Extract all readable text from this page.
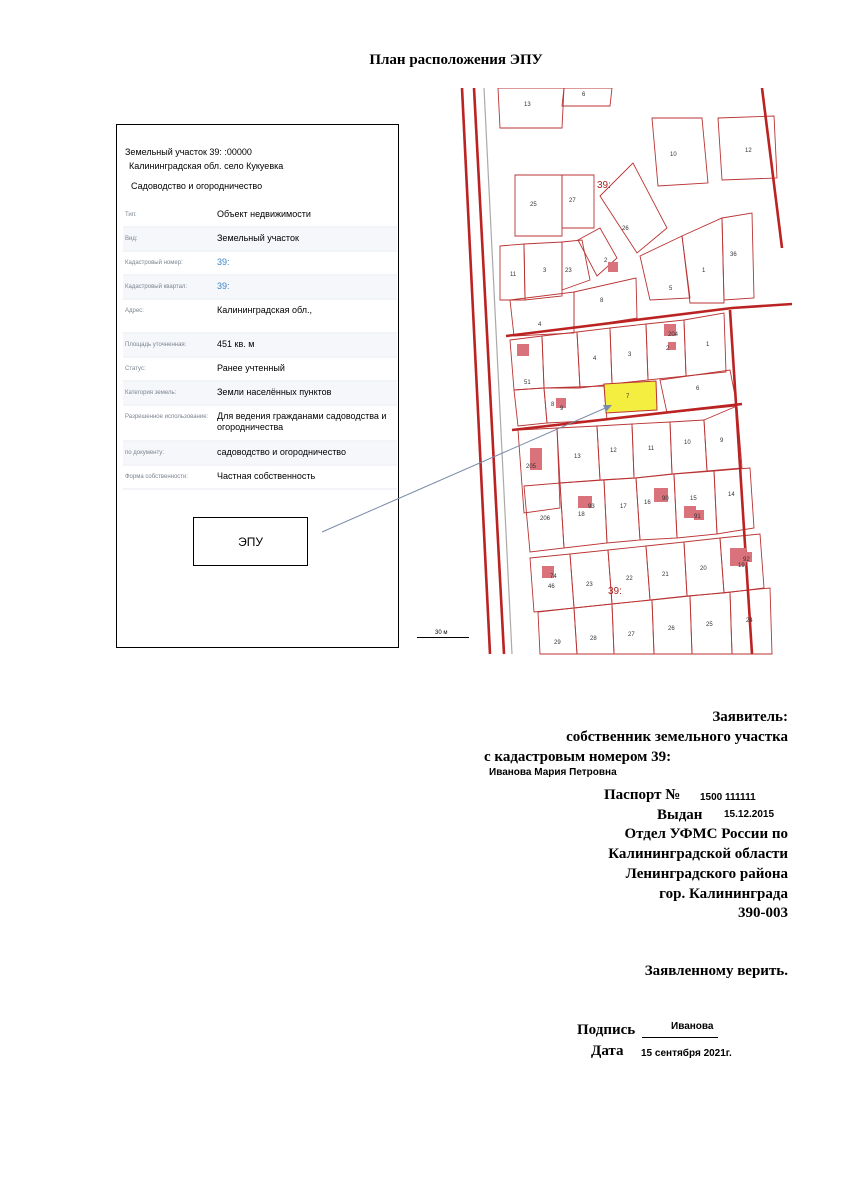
План расположения ЭПУ
Земельный участок 39: :00000
Калининградская обл. село Кукуевка
Садоводство и огородничество
Тип:	Объект недвижимости
Вид:	Земельный участок
Кадастровый номер:	39:
Кадастровый квартал:	39:
Адрес:	Калининградская обл.,
Площадь уточненная:	451 кв. м
Статус:	Ранее учтенный
Категория земель:	Земли населённых пунктов
Разрешенное использование: Для ведения гражданами садоводства и огородничества
по документу:	садоводство и огородничество
Форма собственности:	Частная собственность
ЭПУ
30 м
13
6
10
12
25
27
26
11
3	23
2
1
36
4
8
5
204
51
4
3
2
1
8
9
6
205
13
12	11
10	9
206
18
93	17
16
90	15
91
14
46
74
23
22
21
20	19
92
29
28
27
26
25
24
7
39:
39:
Заявитель:
собственник земельного участка
с кадастровым номером 39:
Иванова Мария Петровна
Паспорт № 1500 111111
Выдан 15.12.2015
Отдел УФМС России по
Калининградской области
Ленинградского района
гор. Калининграда
390-003
Заявленному верить.
Подпись	Иванова
Дата 15 сентября 2021г.
